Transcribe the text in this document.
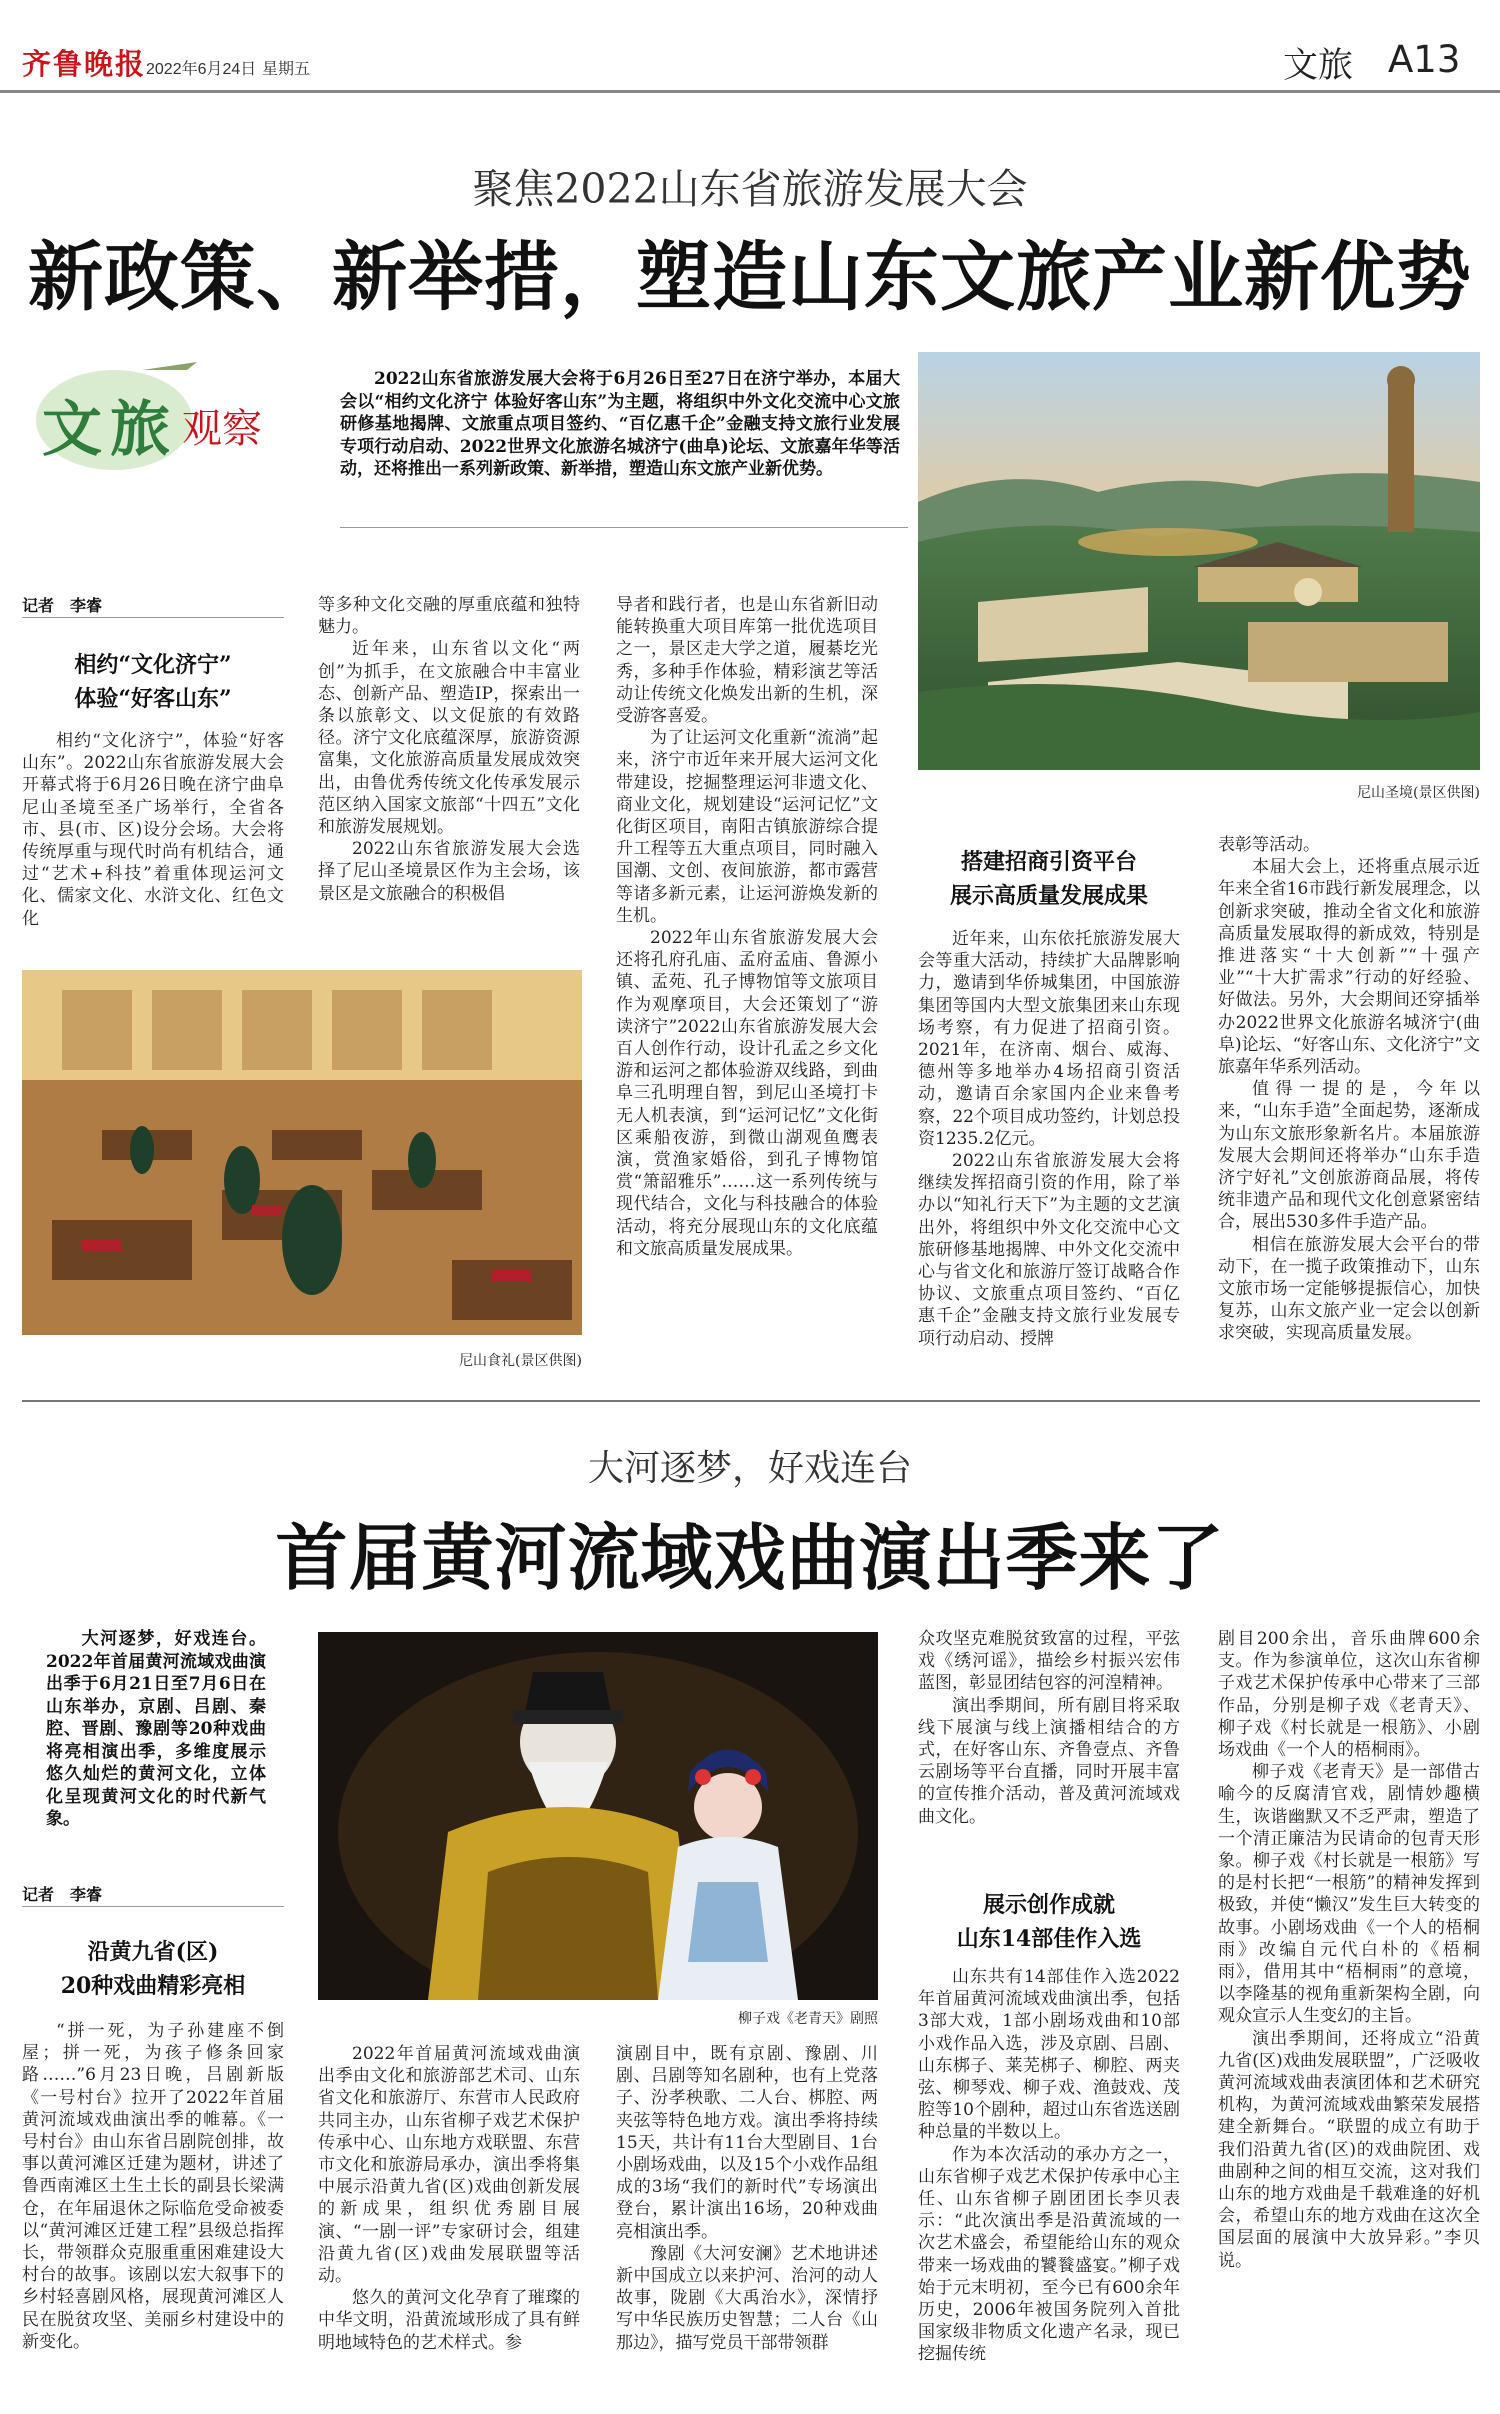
齐鲁晚报 2022年6月24日 星期五	文旅 A13
聚焦2022山东省旅游发展大会
新政策、新举措，塑造山东文旅产业新优势
文 旅 观察
2022山东省旅游发展大会将于6月26日至27日在济宁举办，本届大会以“相约文化济宁 体验好客山东”为主题，将组织中外文化交流中心文旅研修基地揭牌、文旅重点项目签约、“百亿惠千企”金融支持文旅行业发展专项行动启动、2022世界文化旅游名城济宁(曲阜)论坛、文旅嘉年华等活动，还将推出一系列新政策、新举措，塑造山东文旅产业新优势。
尼山圣境(景区供图)
记者　李睿
相约“文化济宁”
体验“好客山东”

相约“文化济宁”，体验“好客山东”。2022山东省旅游发展大会开幕式将于6月26日晚在济宁曲阜尼山圣境至圣广场举行，全省各市、县(市、区)设分会场。大会将传统厚重与现代时尚有机结合，通过“艺术+科技”着重体现运河文化、儒家文化、水浒文化、红色文化

等多种文化交融的厚重底蕴和独特魅力。

近年来，山东省以文化“两创”为抓手，在文旅融合中丰富业态、创新产品、塑造IP，探索出一条以旅彰文、以文促旅的有效路径。济宁文化底蕴深厚，旅游资源富集，文化旅游高质量发展成效突出，由鲁优秀传统文化传承发展示范区纳入国家文旅部“十四五”文化和旅游发展规划。

2022山东省旅游发展大会选择了尼山圣境景区作为主会场，该景区是文旅融合的积极倡

导者和践行者，也是山东省新旧动能转换重大项目库第一批优选项目之一，景区走大学之道，履綦圪光秀，多种手作体验，精彩演艺等活动让传统文化焕发出新的生机，深受游客喜爱。

为了让运河文化重新“流淌”起来，济宁市近年来开展大运河文化带建设，挖掘整理运河非遗文化、商业文化，规划建设“运河记忆”文化街区项目，南阳古镇旅游综合提升工程等五大重点项目，同时融入国潮、文创、夜间旅游，都市露营等诸多新元素，让运河游焕发新的生机。

2022年山东省旅游发展大会还将孔府孔庙、孟府孟庙、鲁源小镇、孟苑、孔子博物馆等文旅项目作为观摩项目，大会还策划了“游读济宁”2022山东省旅游发展大会百人创作行动，设计孔孟之乡文化游和运河之都体验游双线路，到曲阜三孔明理自智，到尼山圣境打卡无人机表演，到“运河记忆”文化街区乘船夜游，到微山湖观鱼鹰表演，赏渔家婚俗，到孔子博物馆赏“箫韶雅乐”……这一系列传统与现代结合，文化与科技融合的体验活动，将充分展现山东的文化底蕴和文旅高质量发展成果。

尼山食礼(景区供图)
搭建招商引资平台
展示高质量发展成果

近年来，山东依托旅游发展大会等重大活动，持续扩大品牌影响力，邀请到华侨城集团，中国旅游集团等国内大型文旅集团来山东现场考察，有力促进了招商引资。2021年，在济南、烟台、威海、德州等多地举办4场招商引资活动，邀请百余家国内企业来鲁考察，22个项目成功签约，计划总投资1235.2亿元。

2022山东省旅游发展大会将继续发挥招商引资的作用，除了举办以“知礼行天下”为主题的文艺演出外，将组织中外文化交流中心文旅研修基地揭牌、中外文化交流中心与省文化和旅游厅签订战略合作协议、文旅重点项目签约、“百亿惠千企”金融支持文旅行业发展专项行动启动、授牌

表彰等活动。

本届大会上，还将重点展示近年来全省16市践行新发展理念，以创新求突破，推动全省文化和旅游高质量发展取得的新成效，特别是推进落实“十大创新”“十强产业”“十大扩需求”行动的好经验、好做法。另外，大会期间还穿插举办2022世界文化旅游名城济宁(曲阜)论坛、“好客山东、文化济宁”文旅嘉年华系列活动。

值得一提的是，今年以来，“山东手造”全面起势，逐渐成为山东文旅形象新名片。本届旅游发展大会期间还将举办“山东手造 济宁好礼”文创旅游商品展，将传统非遗产品和现代文化创意紧密结合，展出530多件手造产品。

相信在旅游发展大会平台的带动下，在一揽子政策推动下，山东文旅市场一定能够提振信心，加快复苏，山东文旅产业一定会以创新求突破，实现高质量发展。

大河逐梦，好戏连台
首届黄河流域戏曲演出季来了
大河逐梦，好戏连台。2022年首届黄河流域戏曲演出季于6月21日至7月6日在山东举办，京剧、吕剧、秦腔、晋剧、豫剧等20种戏曲将亮相演出季，多维度展示悠久灿烂的黄河文化，立体化呈现黄河文化的时代新气象。
记者　李睿
沿黄九省(区)
20种戏曲精彩亮相

“拼一死，为子孙建座不倒屋；拼一死，为孩子修条回家路……”6月23日晚，吕剧新版《一号村台》拉开了2022年首届黄河流域戏曲演出季的帷幕。《一号村台》由山东省吕剧院创排，故事以黄河滩区迁建为题材，讲述了鲁西南滩区土生土长的副县长梁满仓，在年届退休之际临危受命被委以“黄河滩区迁建工程”县级总指挥长，带领群众克服重重困难建设大村台的故事。该剧以宏大叙事下的乡村轻喜剧风格，展现黄河滩区人民在脱贫攻坚、美丽乡村建设中的新变化。

柳子戏《老青天》剧照

2022年首届黄河流域戏曲演出季由文化和旅游部艺术司、山东省文化和旅游厅、东营市人民政府共同主办，山东省柳子戏艺术保护传承中心、山东地方戏联盟、东营市文化和旅游局承办，演出季将集中展示沿黄九省(区)戏曲创新发展的新成果，组织优秀剧目展演、“一剧一评”专家研讨会，组建沿黄九省(区)戏曲发展联盟等活动。

悠久的黄河文化孕育了璀璨的中华文明，沿黄流域形成了具有鲜明地域特色的艺术样式。参

演剧目中，既有京剧、豫剧、川剧、吕剧等知名剧种，也有上党落子、汾孝秧歌、二人台、梆腔、两夹弦等特色地方戏。演出季将持续15天，共计有11台大型剧目、1台小剧场戏曲，以及15个小戏作品组成的3场“我们的新时代”专场演出登台，累计演出16场，20种戏曲亮相演出季。

豫剧《大河安澜》艺术地讲述新中国成立以来护河、治河的动人故事，陇剧《大禹治水》，深情抒写中华民族历史智慧；二人台《山那边》，描写党员干部带领群

众攻坚克难脱贫致富的过程，平弦戏《绣河谣》，描绘乡村振兴宏伟蓝图，彰显团结包容的河湟精神。

演出季期间，所有剧目将采取线下展演与线上演播相结合的方式，在好客山东、齐鲁壹点、齐鲁云剧场等平台直播，同时开展丰富的宣传推介活动，普及黄河流域戏曲文化。

展示创作成就
山东14部佳作入选

山东共有14部佳作入选2022年首届黄河流域戏曲演出季，包括3部大戏，1部小剧场戏曲和10部小戏作品入选，涉及京剧、吕剧、山东梆子、莱芜梆子、柳腔、两夹弦、柳琴戏、柳子戏、渔鼓戏、茂腔等10个剧种，超过山东省选送剧种总量的半数以上。

作为本次活动的承办方之一，山东省柳子戏艺术保护传承中心主任、山东省柳子剧团团长李贝表示：“此次演出季是沿黄流域的一次艺术盛会，希望能给山东的观众带来一场戏曲的饕餮盛宴。”柳子戏始于元末明初，至今已有600余年历史，2006年被国务院列入首批国家级非物质文化遗产名录，现已挖掘传统

剧目200余出，音乐曲牌600余支。作为参演单位，这次山东省柳子戏艺术保护传承中心带来了三部作品，分别是柳子戏《老青天》、柳子戏《村长就是一根筋》、小剧场戏曲《一个人的梧桐雨》。

柳子戏《老青天》是一部借古喻今的反腐清官戏，剧情妙趣横生，诙谐幽默又不乏严肃，塑造了一个清正廉洁为民请命的包青天形象。柳子戏《村长就是一根筋》写的是村长把“一根筋”的精神发挥到极致，并使“懒汉”发生巨大转变的故事。小剧场戏曲《一个人的梧桐雨》改编自元代白朴的《梧桐雨》，借用其中“梧桐雨”的意境，以李隆基的视角重新架构全剧，向观众宣示人生变幻的主旨。

演出季期间，还将成立“沿黄九省(区)戏曲发展联盟”，广泛吸收黄河流域戏曲表演团体和艺术研究机构，为黄河流域戏曲繁荣发展搭建全新舞台。“联盟的成立有助于我们沿黄九省(区)的戏曲院团、戏曲剧种之间的相互交流，这对我们山东的地方戏曲是千载难逢的好机会，希望山东的地方戏曲在这次全国层面的展演中大放异彩。”李贝说。
